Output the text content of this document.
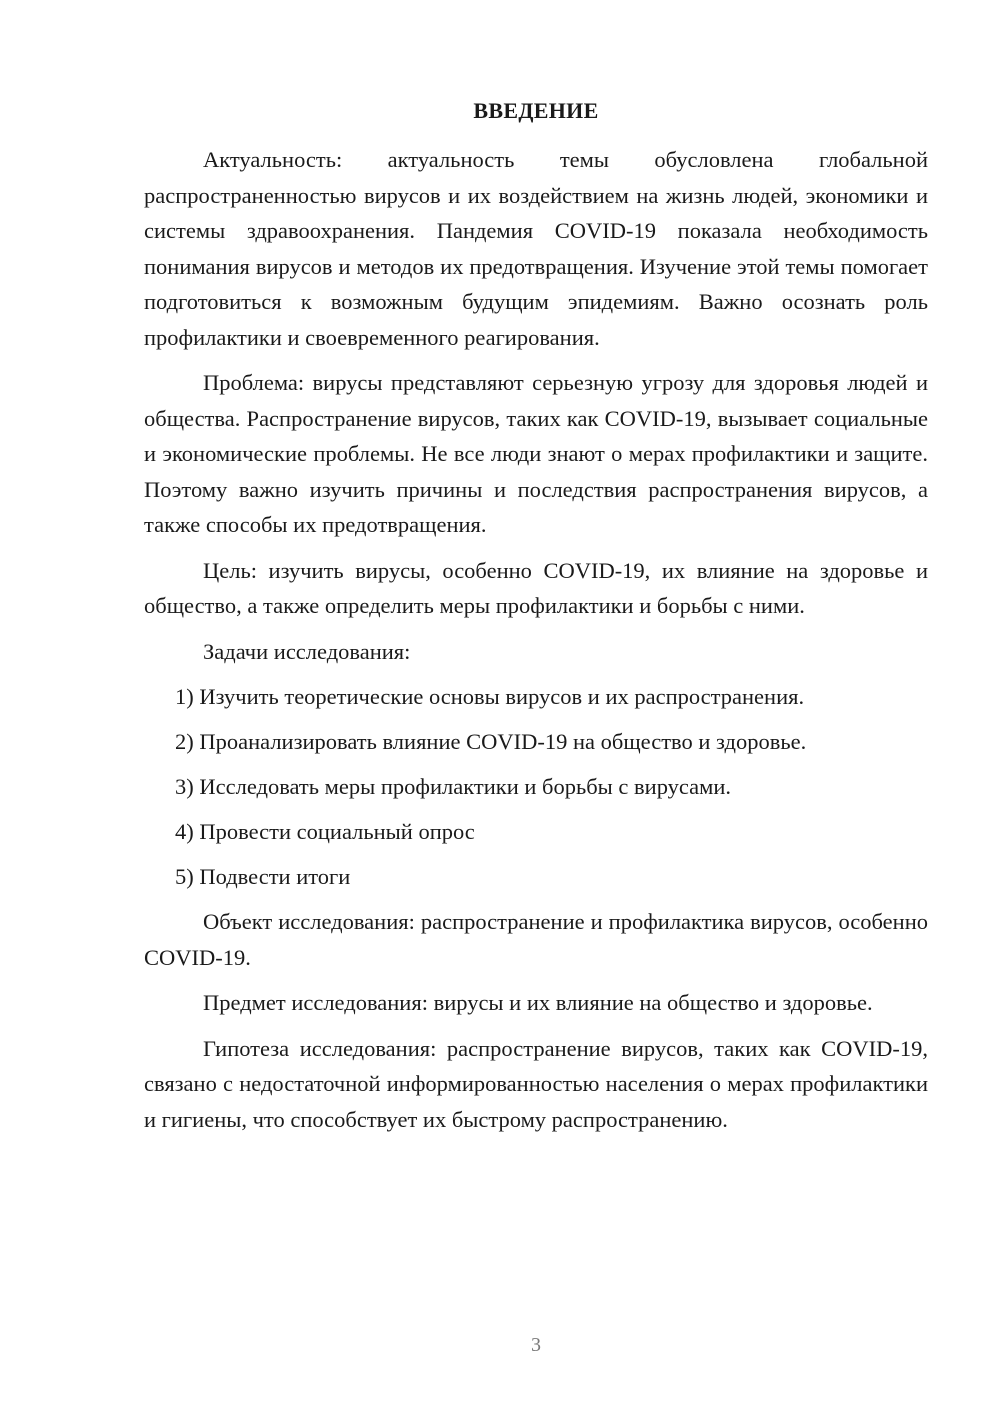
ВВЕДЕНИЕ

Актуальность: актуальность темы обусловлена глобальной распространенностью вирусов и их воздействием на жизнь людей, экономики и системы здравоохранения. Пандемия COVID-19 показала необходимость понимания вирусов и методов их предотвращения. Изучение этой темы помогает подготовиться к возможным будущим эпидемиям. Важно осознать роль профилактики и своевременного реагирования.

Проблема: вирусы представляют серьезную угрозу для здоровья людей и общества. Распространение вирусов, таких как COVID-19, вызывает социальные и экономические проблемы. Не все люди знают о мерах профилактики и защите. Поэтому важно изучить причины и последствия распространения вирусов, а также способы их предотвращения.

Цель: изучить вирусы, особенно COVID-19, их влияние на здоровье и общество, а также определить меры профилактики и борьбы с ними.

Задачи исследования:

1) Изучить теоретические основы вирусов и их распространения.
2) Проанализировать влияние COVID-19 на общество и здоровье.
3) Исследовать меры профилактики и борьбы с вирусами.
4) Провести социальный опрос
5) Подвести итоги

Объект исследования: распространение и профилактика вирусов, особенно COVID-19.

Предмет исследования: вирусы и их влияние на общество и здоровье.

Гипотеза исследования: распространение вирусов, таких как COVID-19, связано с недостаточной информированностью населения о мерах профилактики и гигиены, что способствует их быстрому распространению.

3
